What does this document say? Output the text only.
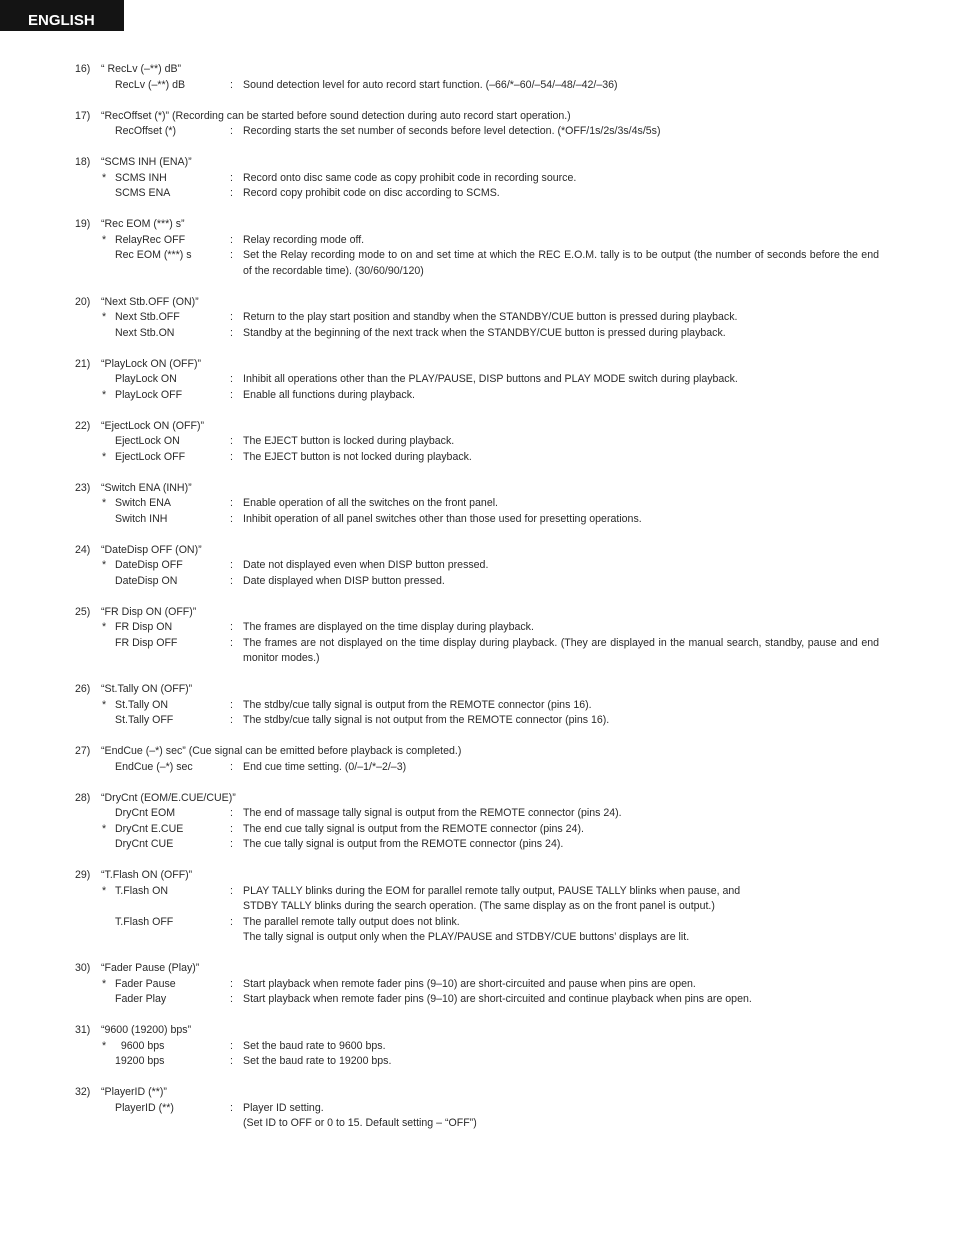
ENGLISH
16) “ RecLv (–**) dB”
RecLv (–**) dB	: Sound detection level for auto record start function. (–66/*–60/–54/–48/–42/–36)
17) “RecOffset (*)” (Recording can be started before sound detection during auto record start operation.)
RecOffset (*)	: Recording starts the set number of seconds before level detection. (*OFF/1s/2s/3s/4s/5s)
18) “SCMS INH (ENA)”
* SCMS INH	: Record onto disc same code as copy prohibit code in recording source.
SCMS ENA	: Record copy prohibit code on disc according to SCMS.
19) “Rec EOM (***) s”
* RelayRec OFF	: Relay recording mode off.
Rec EOM (***) s	: Set the Relay recording mode to on and set time at which the REC E.O.M. tally is to be output (the number of seconds before the end of the recordable time). (30/60/90/120)
20) “Next Stb.OFF (ON)”
* Next Stb.OFF	: Return to the play start position and standby when the STANDBY/CUE button is pressed during playback.
Next Stb.ON	: Standby at the beginning of the next track when the STANDBY/CUE button is pressed during playback.
21) “PlayLock ON (OFF)”
PlayLock ON	: Inhibit all operations other than the PLAY/PAUSE, DISP buttons and PLAY MODE switch during playback.
* PlayLock OFF	: Enable all functions during playback.
22) “EjectLock ON (OFF)”
EjectLock ON	: The EJECT button is locked during playback.
* EjectLock OFF	: The EJECT button is not locked during playback.
23) “Switch ENA (INH)”
* Switch ENA	: Enable operation of all the switches on the front panel.
Switch INH	: Inhibit operation of all panel switches other than those used for presetting operations.
24) “DateDisp OFF (ON)”
* DateDisp OFF	: Date not displayed even when DISP button pressed.
DateDisp ON	: Date displayed when DISP button pressed.
25) “FR Disp ON (OFF)”
* FR Disp ON	: The frames are displayed on the time display during playback.
FR Disp OFF	: The frames are not displayed on the time display during playback. (They are displayed in the manual search, standby, pause and end monitor modes.)
26) “St.Tally ON (OFF)”
* St.Tally ON	: The stdby/cue tally signal is output from the REMOTE connector (pins 16).
St.Tally OFF	: The stdby/cue tally signal is not output from the REMOTE connector (pins 16).
27) “EndCue (–*) sec” (Cue signal can be emitted before playback is completed.)
EndCue (–*) sec	: End cue time setting. (0/–1/*–2/–3)
28) “DryCnt (EOM/E.CUE/CUE)”
DryCnt EOM	: The end of massage tally signal is output from the REMOTE connector (pins 24).
* DryCnt E.CUE	: The end cue tally signal is output from the REMOTE connector (pins 24).
DryCnt CUE	: The cue tally signal is output from the REMOTE connector (pins 24).
29) “T.Flash ON (OFF)”
* T.Flash ON	: PLAY TALLY blinks during the EOM for parallel remote tally output, PAUSE TALLY blinks when pause, and
STDBY TALLY blinks during the search operation. (The same display as on the front panel is output.)
T.Flash OFF	: The parallel remote tally output does not blink.
The tally signal is output only when the PLAY/PAUSE and STDBY/CUE buttons’ displays are lit.
30) “Fader Pause (Play)”
* Fader Pause	: Start playback when remote fader pins (9–10) are short-circuited and pause when pins are open.
Fader Play	: Start playback when remote fader pins (9–10) are short-circuited and continue playback when pins are open.
31) “9600 (19200) bps”
* 9600 bps	: Set the baud rate to 9600 bps.
19200 bps	: Set the baud rate to 19200 bps.
32) “PlayerID (**)”
PlayerID (**)	: Player ID setting.
(Set ID to OFF or 0 to 15. Default setting – “OFF”)
